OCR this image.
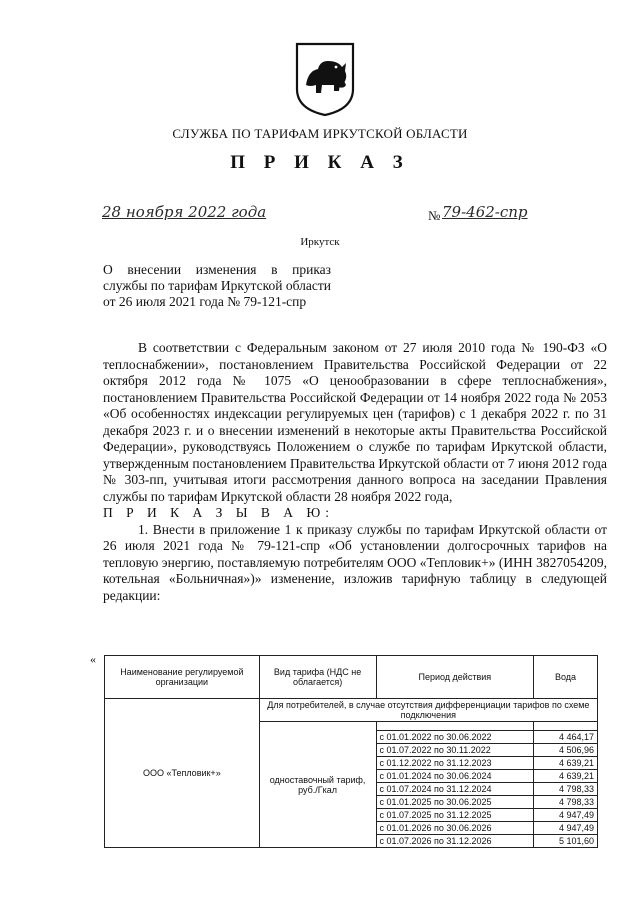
СЛУЖБА ПО ТАРИФАМ ИРКУТСКОЙ ОБЛАСТИ
П Р И К А З
28 ноября 2022 года	№ 79-462-спр
Иркутск
О внесении изменения в приказ службы по тарифам Иркутской области от 26 июля 2021 года № 79-121-спр

В соответствии с Федеральным законом от 27 июля 2010 года № 190-ФЗ «О теплоснабжении», постановлением Правительства Российской Федерации от 22 октября 2012 года № 1075 «О ценообразовании в сфере теплоснабжения», постановлением Правительства Российской Федерации от 14 ноября 2022 года № 2053 «Об особенностях индексации регулируемых цен (тарифов) с 1 декабря 2022 г. по 31 декабря 2023 г. и о внесении изменений в некоторые акты Правительства Российской Федерации», руководствуясь Положением о службе по тарифам Иркутской области, утвержденным постановлением Правительства Иркутской области от 7 июня 2012 года № 303-пп, учитывая итоги рассмотрения данного вопроса на заседании Правления службы по тарифам Иркутской области 28 ноября 2022 года,

П Р И К А З Ы В А Ю:

1. Внести в приложение 1 к приказу службы по тарифам Иркутской области от 26 июля 2021 года № 79-121-спр «Об установлении долгосрочных тарифов на тепловую энергию, поставляемую потребителям ООО «Тепловик+» (ИНН 3827054209, котельная «Больничная»)» изменение, изложив тарифную таблицу в следующей редакции:

«
Наименование регулируемой организации	Вид тарифа (НДС не облагается)	Период действия	Вода
ООО «Тепловик+»	Для потребителей, в случае отсутствия дифференциации тарифов по схеме подключения		
	одноставочный тариф, руб./Гкал		
		с 01.01.2022 по 30.06.2022	4 464,17
		с 01.07.2022 по 30.11.2022	4 506,96
		с 01.12.2022 по 31.12.2023	4 639,21
		с 01.01.2024 по 30.06.2024	4 639,21
		с 01.07.2024 по 31.12.2024	4 798,33
		с 01.01.2025 по 30.06.2025	4 798,33
		с 01.07.2025 по 31.12.2025	4 947,49
		с 01.01.2026 по 30.06.2026	4 947,49
		с 01.07.2026 по 31.12.2026	5 101,60
